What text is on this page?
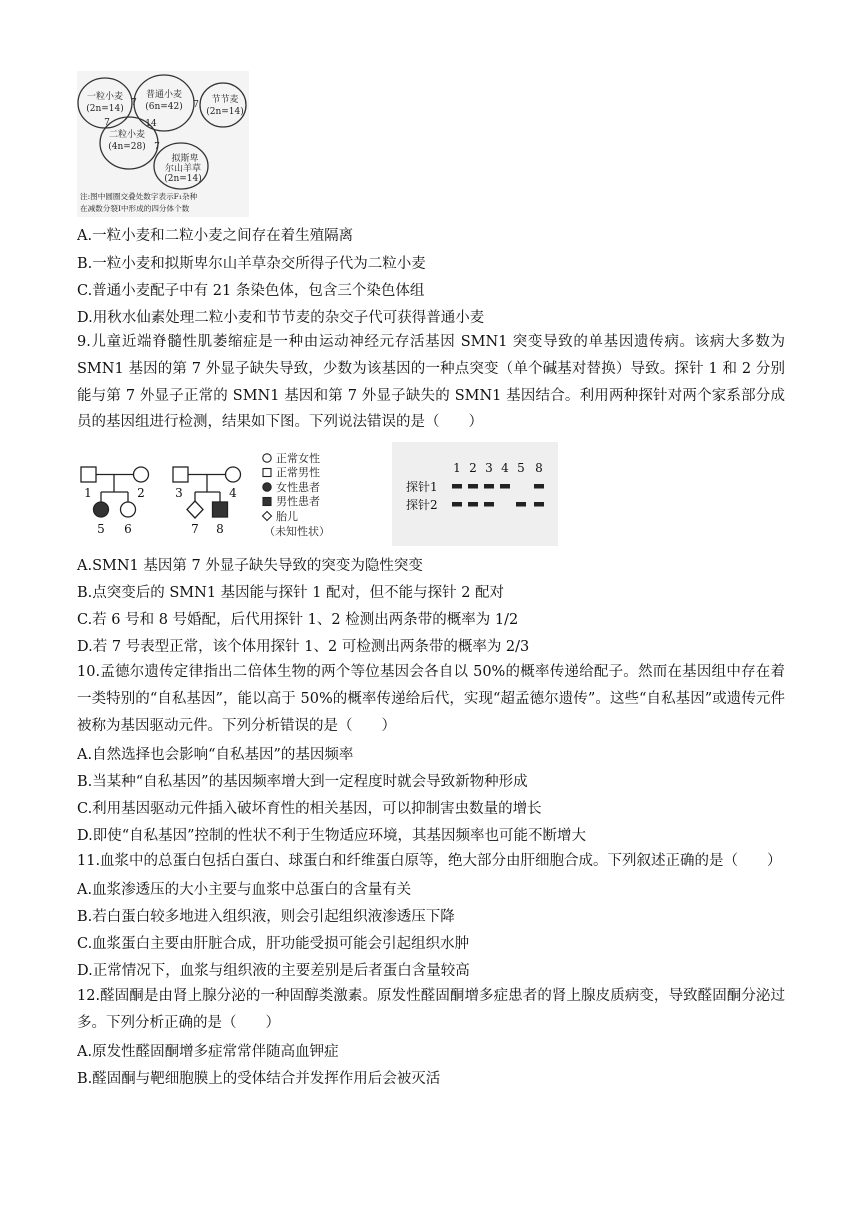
一粒小麦
(2n=14)
普通小麦
(6n=42)
节节麦
(2n=14)
二粒小麦
(4n=28)
拟斯卑
尔山羊草
(2n=14)
7	7
14
7
7
注:图中圆圈交叠处数字表示F₁杂种
在减数分裂Ⅰ中形成的四分体个数
A.一粒小麦和二粒小麦之间存在着生殖隔离
B.一粒小麦和拟斯卑尔山羊草杂交所得子代为二粒小麦
C.普通小麦配子中有 21 条染色体，包含三个染色体组
D.用秋水仙素处理二粒小麦和节节麦的杂交子代可获得普通小麦
9.儿童近端脊髓性肌萎缩症是一种由运动神经元存活基因 SMN1 突变导致的单基因遗传病。该病大多数为 SMN1 基因的第 7 外显子缺失导致，少数为该基因的一种点突变（单个碱基对替换）导致。探针 1 和 2 分别能与第 7 外显子正常的 SMN1 基因和第 7 外显子缺失的 SMN1 基因结合。利用两种探针对两个家系部分成员的基因组进行检测，结果如下图。下列说法错误的是（　　）
1	2	3	4
5 6	7 8
正常女性
正常男性
女性患者
男性患者
胎儿
（未知性状）
1 2 3 4 5 8
探针1
探针2
A.SMN1 基因第 7 外显子缺失导致的突变为隐性突变
B.点突变后的 SMN1 基因能与探针 1 配对，但不能与探针 2 配对
C.若 6 号和 8 号婚配，后代用探针 1、2 检测出两条带的概率为 1/2
D.若 7 号表型正常，该个体用探针 1、2 可检测出两条带的概率为 2/3
10.孟德尔遗传定律指出二倍体生物的两个等位基因会各自以 50%的概率传递给配子。然而在基因组中存在着一类特别的“自私基因”，能以高于 50%的概率传递给后代，实现“超孟德尔遗传”。这些“自私基因”或遗传元件被称为基因驱动元件。下列分析错误的是（　　）
A.自然选择也会影响“自私基因”的基因频率
B.当某种“自私基因”的基因频率增大到一定程度时就会导致新物种形成
C.利用基因驱动元件插入破坏育性的相关基因，可以抑制害虫数量的增长
D.即使“自私基因”控制的性状不利于生物适应环境，其基因频率也可能不断增大
11.血浆中的总蛋白包括白蛋白、球蛋白和纤维蛋白原等，绝大部分由肝细胞合成。下列叙述正确的是（　　）
A.血浆渗透压的大小主要与血浆中总蛋白的含量有关
B.若白蛋白较多地进入组织液，则会引起组织液渗透压下降
C.血浆蛋白主要由肝脏合成，肝功能受损可能会引起组织水肿
D.正常情况下，血浆与组织液的主要差别是后者蛋白含量较高
12.醛固酮是由肾上腺分泌的一种固醇类激素。原发性醛固酮增多症患者的肾上腺皮质病变，导致醛固酮分泌过多。下列分析正确的是（　　）
A.原发性醛固酮增多症常常伴随高血钾症
B.醛固酮与靶细胞膜上的受体结合并发挥作用后会被灭活
